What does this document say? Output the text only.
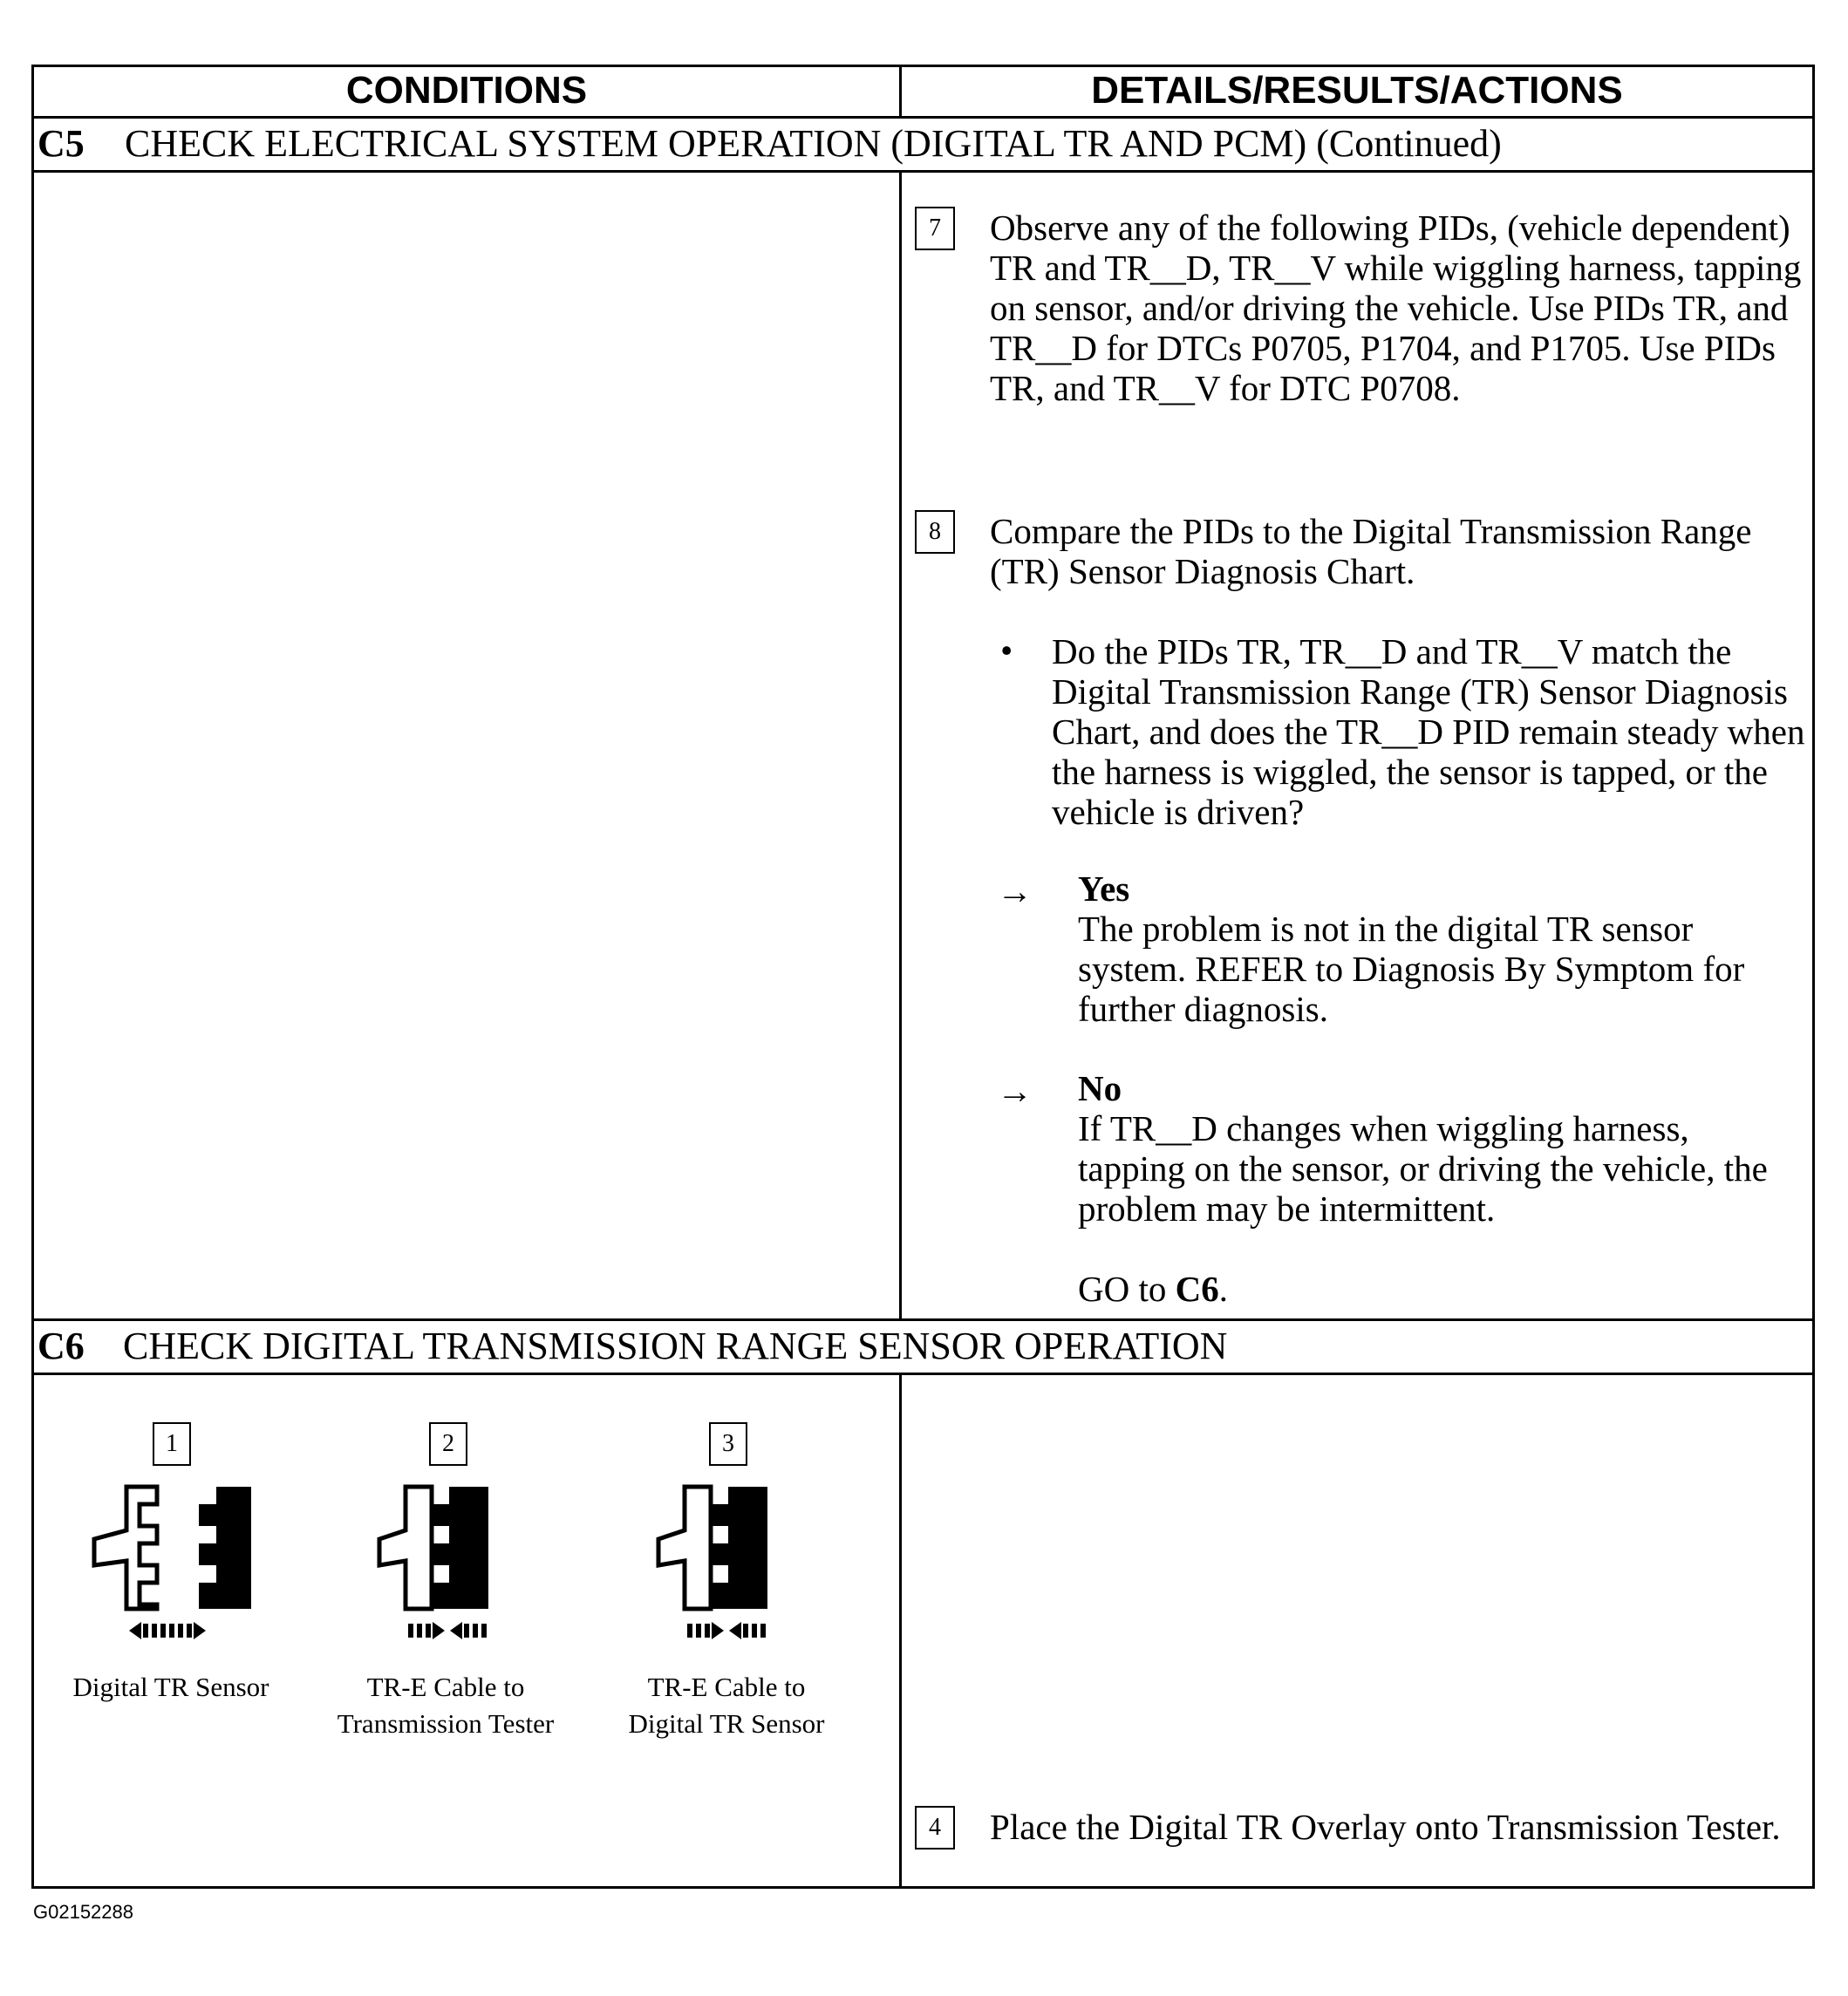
CONDITIONS	DETAILS/RESULTS/ACTIONS
C5 CHECK ELECTRICAL SYSTEM OPERATION (DIGITAL TR AND PCM) (Continued)
7	Observe any of the following PIDs, (vehicle dependent) TR and TR__D, TR__V while wiggling harness, tapping on sensor, and/or driving the vehicle. Use PIDs TR, and TR__D for DTCs P0705, P1704, and P1705. Use PIDs TR, and TR__V for DTC P0708.
8	Compare the PIDs to the Digital Transmission Range (TR) Sensor Diagnosis Chart.
• Do the PIDs TR, TR__D and TR__V match the Digital Transmission Range (TR) Sensor Diagnosis Chart, and does the TR__D PID remain steady when the harness is wiggled, the sensor is tapped, or the vehicle is driven?
→ Yes
The problem is not in the digital TR sensor system. REFER to Diagnosis By Symptom for further diagnosis.
→ No
If TR__D changes when wiggling harness, tapping on the sensor, or driving the vehicle, the problem may be intermittent.
GO to C6.
C6 CHECK DIGITAL TRANSMISSION RANGE SENSOR OPERATION
1
Digital TR Sensor
2
TR-E Cable to Transmission Tester
3
TR-E Cable to Digital TR Sensor
4	Place the Digital TR Overlay onto Transmission Tester.
G02152288
